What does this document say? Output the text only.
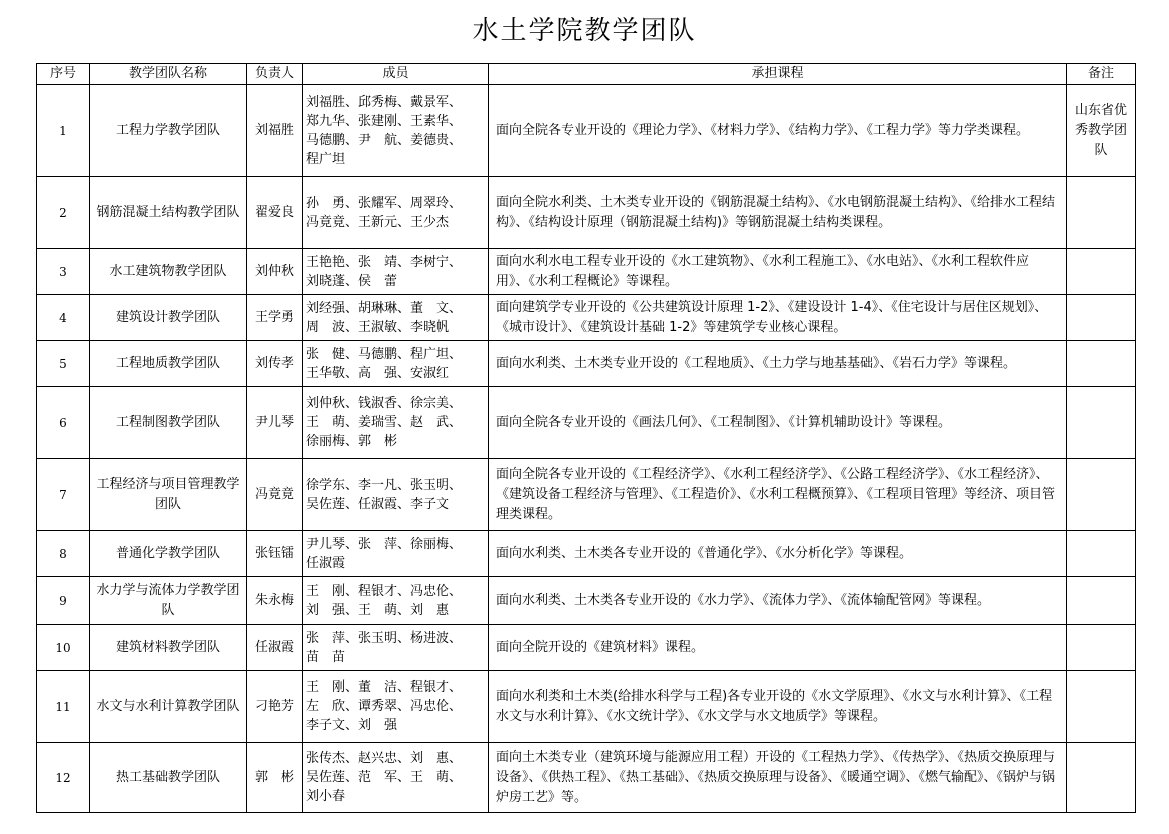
水土学院教学团队
序号	教学团队名称	负责人	成员	承担课程	备注
1	工程力学教学团队	刘福胜	刘福胜、邱秀梅、戴景军、
郑九华、张建刚、王素华、
马德鹏、尹　航、姜德贵、
程广坦	面向全院各专业开设的《理论力学》、《材料力学》、《结构力学》、《工程力学》等力学类课程。	山东省优秀教学团队
2	钢筋混凝土结构教学团队	翟爱良	孙　勇、张耀军、周翠玲、
冯竟竟、王新元、王少杰	面向全院水利类、土木类专业开设的《钢筋混凝土结构》、《水电钢筋混凝土结构》、《给排水工程结构》、《结构设计原理（钢筋混凝土结构)》等钢筋混凝土结构类课程。	
3	水工建筑物教学团队	刘仲秋	王艳艳、张　靖、李树宁、
刘晓蓬、侯　蕾	面向水利水电工程专业开设的《水工建筑物》、《水利工程施工》、《水电站》、《水利工程软件应用》、《水利工程概论》等课程。	
4	建筑设计教学团队	王学勇	刘经强、胡琳琳、董　文、
周　波、王淑敏、李晓帆	面向建筑学专业开设的《公共建筑设计原理 1-2》、《建设设计 1-4》、《住宅设计与居住区规划》、《城市设计》、《建筑设计基础 1-2》等建筑学专业核心课程。	
5	工程地质教学团队	刘传孝	张　健、马德鹏、程广坦、
王华敬、高　强、安淑红	面向水利类、土木类专业开设的《工程地质》、《土力学与地基基础》、《岩石力学》等课程。	
6	工程制图教学团队	尹儿琴	刘仲秋、钱淑香、徐宗美、
王　萌、姜瑞雪、赵　武、
徐丽梅、郭　彬	面向全院各专业开设的《画法几何》、《工程制图》、《计算机辅助设计》等课程。	
7	工程经济与项目管理教学团队	冯竟竟	徐学东、李一凡、张玉明、
吴佐莲、任淑霞、李子文	面向全院各专业开设的《工程经济学》、《水利工程经济学》、《公路工程经济学》、《水工程经济》、《建筑设备工程经济与管理》、《工程造价》、《水利工程概预算》、《工程项目管理》等经济、项目管理类课程。	
8	普通化学教学团队	张钰镭	尹儿琴、张　萍、徐丽梅、
任淑霞	面向水利类、土木类各专业开设的《普通化学》、《水分析化学》等课程。	
9	水力学与流体力学教学团队	朱永梅	王　刚、程银才、冯忠伦、
刘　强、王　萌、刘　惠	面向水利类、土木类各专业开设的《水力学》、《流体力学》、《流体输配管网》等课程。	
10	建筑材料教学团队	任淑霞	张　萍、张玉明、杨进波、
苗　苗	面向全院开设的《建筑材料》课程。	
11	水文与水利计算教学团队	刁艳芳	王　刚、董　洁、程银才、
左　欣、谭秀翠、冯忠伦、
李子文、刘　强	面向水利类和土木类(给排水科学与工程)各专业开设的《水文学原理》、《水文与水利计算》、《工程水文与水利计算》、《水文统计学》、《水文学与水文地质学》等课程。	
12	热工基础教学团队	郭　彬	张传杰、赵兴忠、刘　惠、
吴佐莲、范　军、王　萌、
刘小春	面向土木类专业（建筑环境与能源应用工程）开设的《工程热力学》、《传热学》、《热质交换原理与设备》、《供热工程》、《热工基础》、《热质交换原理与设备》、《暖通空调》、《燃气输配》、《锅炉与锅炉房工艺》等。	
